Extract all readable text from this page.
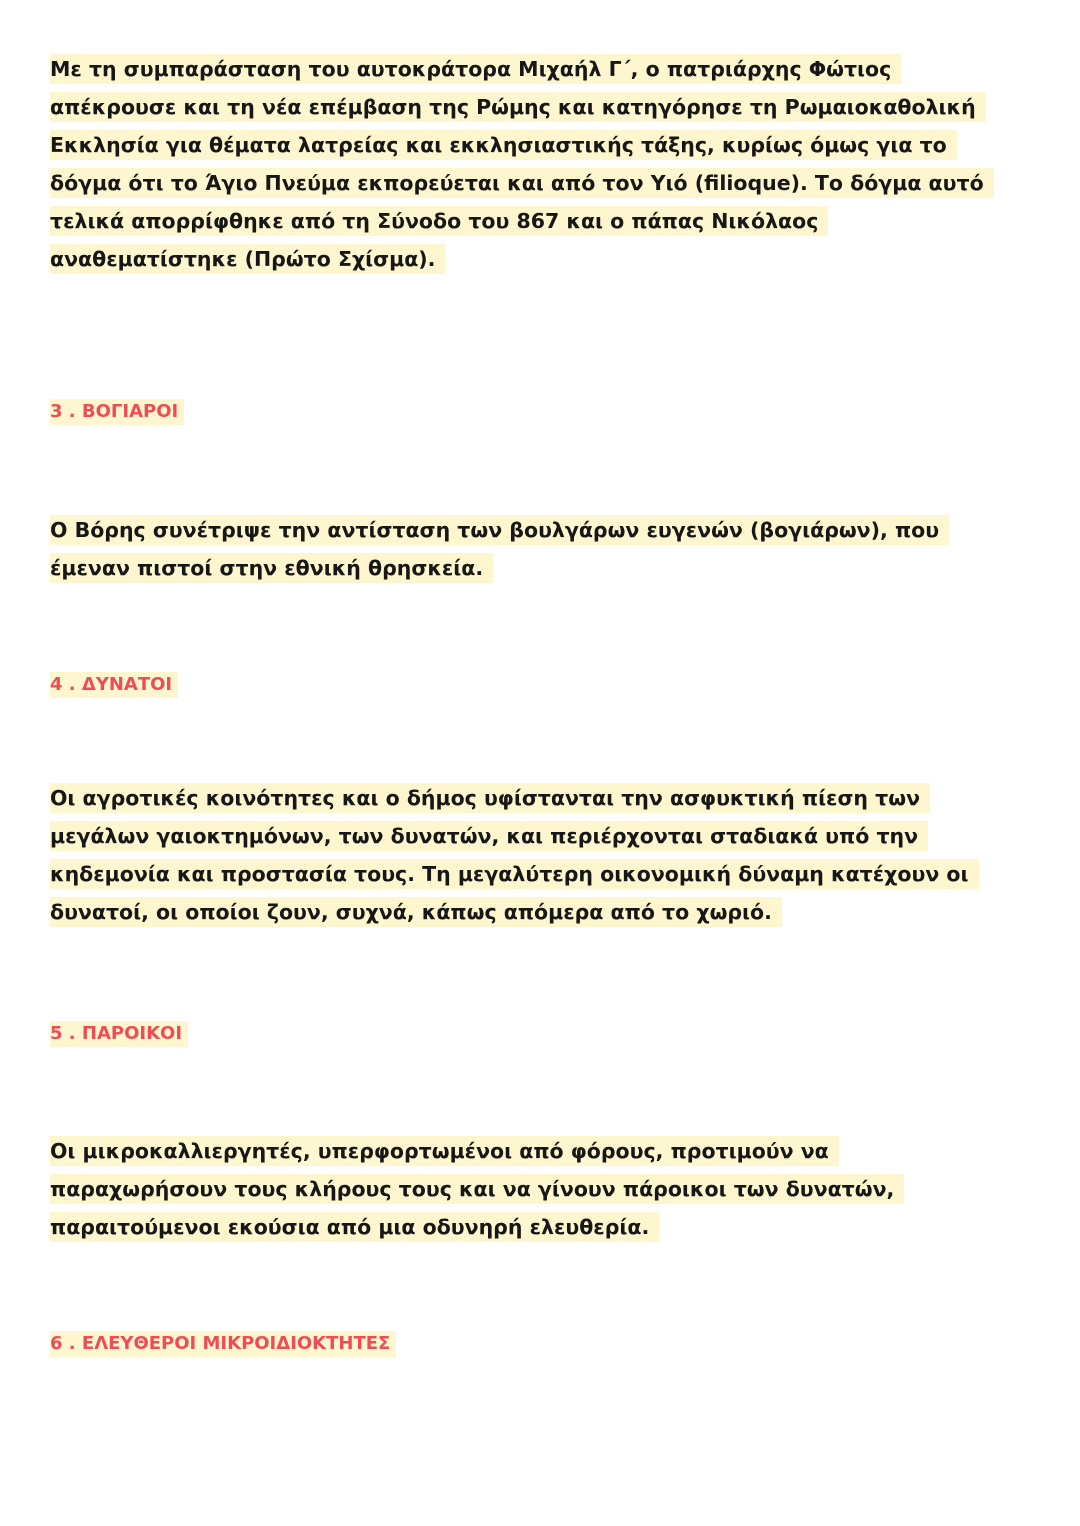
Με τη συμπαράσταση του αυτοκράτορα Μιχαήλ Γ΄, ο πατριάρχης Φώτιος
απέκρουσε και τη νέα επέμβαση της Ρώμης και κατηγόρησε τη Ρωμαιοκαθολική
Εκκλησία για θέματα λατρείας και εκκλησιαστικής τάξης, κυρίως όμως για το
δόγμα ότι το Άγιο Πνεύμα εκπορεύεται και από τον Υιό (filioque). Το δόγμα αυτό
τελικά απορρίφθηκε από τη Σύνοδο του 867 και ο πάπας Νικόλαος
αναθεματίστηκε (Πρώτο Σχίσμα).
3 . ΒΟΓΙΑΡΟΙ
Ο Βόρης συνέτριψε την αντίσταση των βουλγάρων ευγενών (βογιάρων), που
έμεναν πιστοί στην εθνική θρησκεία.
4 . ΔΥΝΑΤΟΙ
Οι αγροτικές κοινότητες και ο δήμος υφίστανται την ασφυκτική πίεση των
μεγάλων γαιοκτημόνων, των δυνατών, και περιέρχονται σταδιακά υπό την
κηδεμονία και προστασία τους. Τη μεγαλύτερη οικονομική δύναμη κατέχουν οι
δυνατοί, οι οποίοι ζουν, συχνά, κάπως απόμερα από το χωριό.
5 . ΠΑΡΟΙΚΟΙ
Οι μικροκαλλιεργητές, υπερφορτωμένοι από φόρους, προτιμούν να
παραχωρήσουν τους κλήρους τους και να γίνουν πάροικοι των δυνατών,
παραιτούμενοι εκούσια από μια οδυνηρή ελευθερία.
6 . ΕΛΕΥΘΕΡΟΙ ΜΙΚΡΟΙΔΙΟΚΤΗΤΕΣ
